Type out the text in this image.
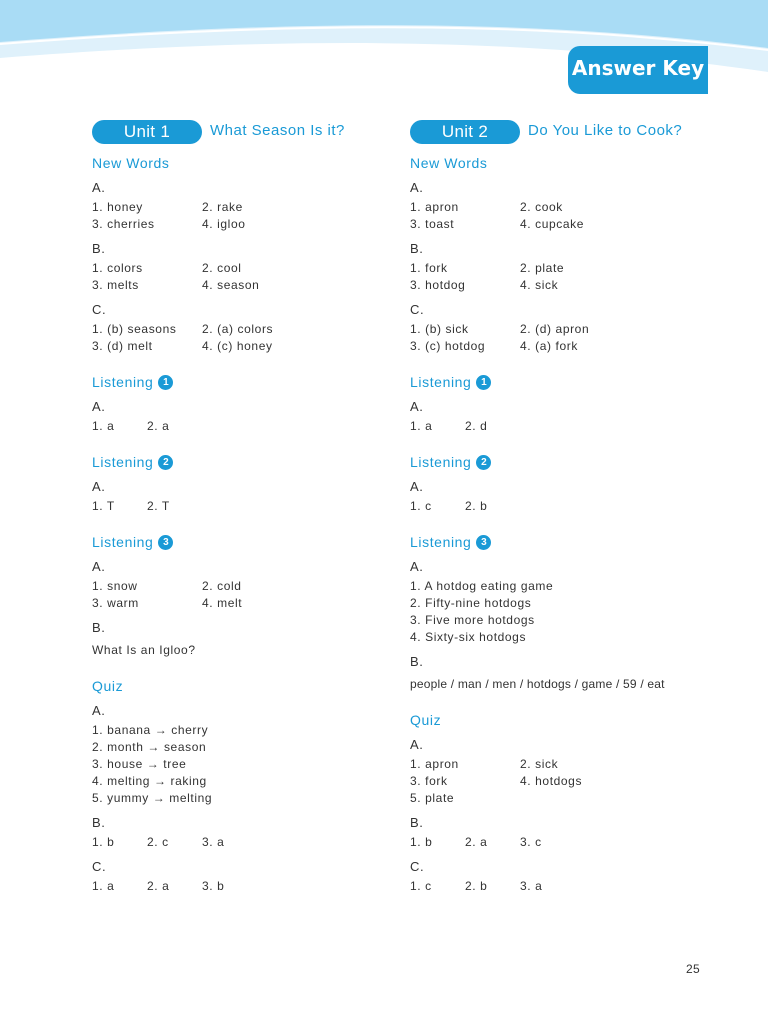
Answer Key
Unit 1	What Season Is it?
New Words
A.
1. honey	2. rake
3. cherries	4. igloo
B.
1. colors	2. cool
3. melts	4. season
C.
1. (b) seasons 2. (a) colors
3. (d) melt	4. (c) honey
Listening 1
A.
1. a	2. a
Listening 2
A.
1. T	2. T
Listening 3
A.
1. snow	2. cold
3. warm	4. melt
B.
What Is an Igloo?
Quiz
A.
1. banana → cherry
2. month → season
3. house → tree
4. melting → raking
5. yummy → melting
B.
1. b	2. c	3. a
C.
1. a	2. a	3. b
Unit 2	Do You Like to Cook?
New Words
A.
1. apron	2. cook
3. toast	4. cupcake
B.
1. fork	2. plate
3. hotdog	4. sick
C.
1. (b) sick	2. (d) apron
3. (c) hotdog	4. (a) fork
Listening 1
A.
1. a	2. d
Listening 2
A.
1. c	2. b
Listening 3
A.
1. A hotdog eating game
2. Fifty-nine hotdogs
3. Five more hotdogs
4. Sixty-six hotdogs
B.
people / man / men / hotdogs / game / 59 / eat
Quiz
A.
1. apron	2. sick
3. fork	4. hotdogs
5. plate
B.
1. b	2. a	3. c
C.
1. c	2. b	3. a
25
